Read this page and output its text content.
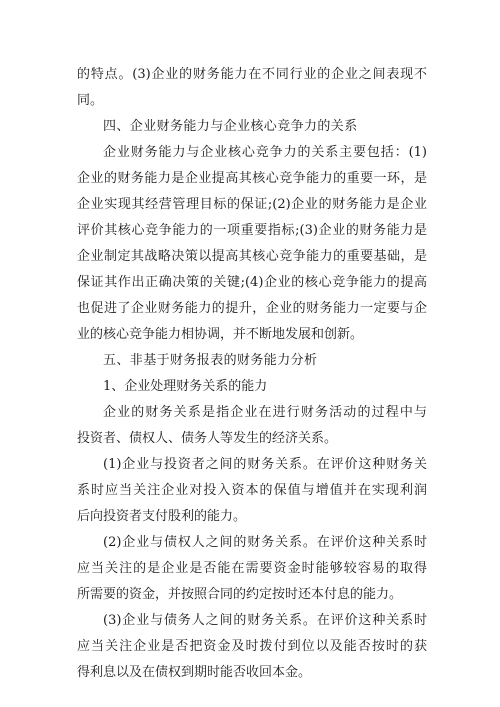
的特点。(3)企业的财务能力在不同行业的企业之间表现不
同。
四、企业财务能力与企业核心竞争力的关系
企业财务能力与企业核心竞争力的关系主要包括：(1)
企业的财务能力是企业提高其核心竞争能力的重要一环，是
企业实现其经营管理目标的保证;(2)企业的财务能力是企业
评价其核心竞争能力的一项重要指标;(3)企业的财务能力是
企业制定其战略决策以提高其核心竞争能力的重要基础，是
保证其作出正确决策的关键;(4)企业的核心竞争能力的提高
也促进了企业财务能力的提升，企业的财务能力一定要与企
业的核心竞争能力相协调，并不断地发展和创新。
五、非基于财务报表的财务能力分析
1、企业处理财务关系的能力
企业的财务关系是指企业在进行财务活动的过程中与
投资者、债权人、债务人等发生的经济关系。
(1)企业与投资者之间的财务关系。在评价这种财务关
系时应当关注企业对投入资本的保值与增值并在实现利润
后向投资者支付股利的能力。
(2)企业与债权人之间的财务关系。在评价这种关系时
应当关注的是企业是否能在需要资金时能够较容易的取得
所需要的资金，并按照合同的约定按时还本付息的能力。
(3)企业与债务人之间的财务关系。在评价这种关系时
应当关注企业是否把资金及时拨付到位以及能否按时的获
得利息以及在债权到期时能否收回本金。
